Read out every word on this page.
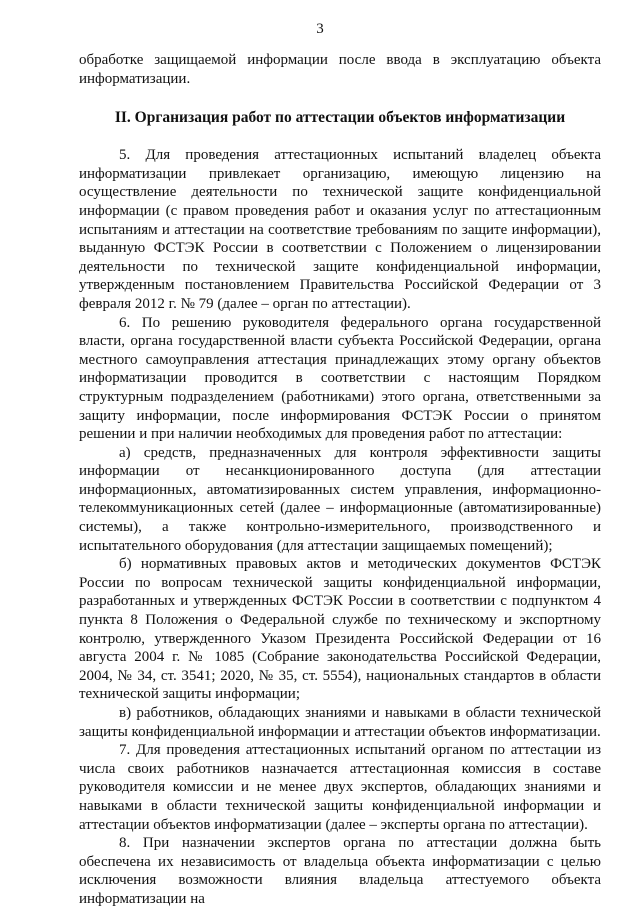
3

обработке защищаемой информации после ввода в эксплуатацию объекта информатизации.

II. Организация работ по аттестации объектов информатизации

5. Для проведения аттестационных испытаний владелец объекта информатизации привлекает организацию, имеющую лицензию на осуществление деятельности по технической защите конфиденциальной информации (с правом проведения работ и оказания услуг по аттестационным испытаниям и аттестации на соответствие требованиям по защите информации), выданную ФСТЭК России в соответствии с Положением о лицензировании деятельности по технической защите конфиденциальной информации, утвержденным постановлением Правительства Российской Федерации от 3 февраля 2012 г. № 79 (далее – орган по аттестации).

6. По решению руководителя федерального органа государственной власти, органа государственной власти субъекта Российской Федерации, органа местного самоуправления аттестация принадлежащих этому органу объектов информатизации проводится в соответствии с настоящим Порядком структурным подразделением (работниками) этого органа, ответственными за защиту информации, после информирования ФСТЭК России о принятом решении и при наличии необходимых для проведения работ по аттестации:

а) средств, предназначенных для контроля эффективности защиты информации от несанкционированного доступа (для аттестации информационных, автоматизированных систем управления, информационно-телекоммуникационных сетей (далее – информационные (автоматизированные) системы), а также контрольно-измерительного, производственного и испытательного оборудования (для аттестации защищаемых помещений);

б) нормативных правовых актов и методических документов ФСТЭК России по вопросам технической защиты конфиденциальной информации, разработанных и утвержденных ФСТЭК России в соответствии с подпунктом 4 пункта 8 Положения о Федеральной службе по техническому и экспортному контролю, утвержденного Указом Президента Российской Федерации от 16 августа 2004 г. № 1085 (Собрание законодательства Российской Федерации, 2004, № 34, ст. 3541; 2020, № 35, ст. 5554), национальных стандартов в области технической защиты информации;

в) работников, обладающих знаниями и навыками в области технической защиты конфиденциальной информации и аттестации объектов информатизации.

7. Для проведения аттестационных испытаний органом по аттестации из числа своих работников назначается аттестационная комиссия в составе руководителя комиссии и не менее двух экспертов, обладающих знаниями и навыками в области технической защиты конфиденциальной информации и аттестации объектов информатизации (далее – эксперты органа по аттестации).

8. При назначении экспертов органа по аттестации должна быть обеспечена их независимость от владельца объекта информатизации с целью исключения возможности влияния владельца аттестуемого объекта информатизации на
